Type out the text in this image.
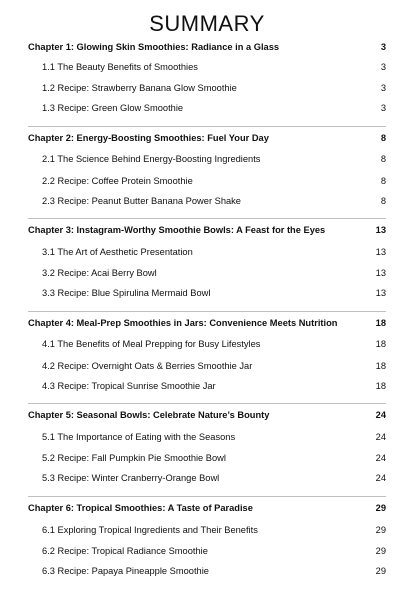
SUMMARY
Chapter 1: Glowing Skin Smoothies: Radiance in a Glass	3
1.1 The Beauty Benefits of Smoothies	3
1.2 Recipe: Strawberry Banana Glow Smoothie	3
1.3 Recipe: Green Glow Smoothie	3
Chapter 2: Energy-Boosting Smoothies: Fuel Your Day	8
2.1 The Science Behind Energy-Boosting Ingredients	8
2.2 Recipe: Coffee Protein Smoothie	8
2.3 Recipe: Peanut Butter Banana Power Shake	8
Chapter 3: Instagram-Worthy Smoothie Bowls: A Feast for the Eyes	13
3.1 The Art of Aesthetic Presentation	13
3.2 Recipe: Acai Berry Bowl	13
3.3 Recipe: Blue Spirulina Mermaid Bowl	13
Chapter 4: Meal-Prep Smoothies in Jars: Convenience Meets Nutrition	18
4.1 The Benefits of Meal Prepping for Busy Lifestyles	18
4.2 Recipe: Overnight Oats & Berries Smoothie Jar	18
4.3 Recipe: Tropical Sunrise Smoothie Jar	18
Chapter 5: Seasonal Bowls: Celebrate Nature’s Bounty	24
5.1 The Importance of Eating with the Seasons	24
5.2 Recipe: Fall Pumpkin Pie Smoothie Bowl	24
5.3 Recipe: Winter Cranberry-Orange Bowl	24
Chapter 6: Tropical Smoothies: A Taste of Paradise	29
6.1 Exploring Tropical Ingredients and Their Benefits	29
6.2 Recipe: Tropical Radiance Smoothie	29
6.3 Recipe: Papaya Pineapple Smoothie	29
